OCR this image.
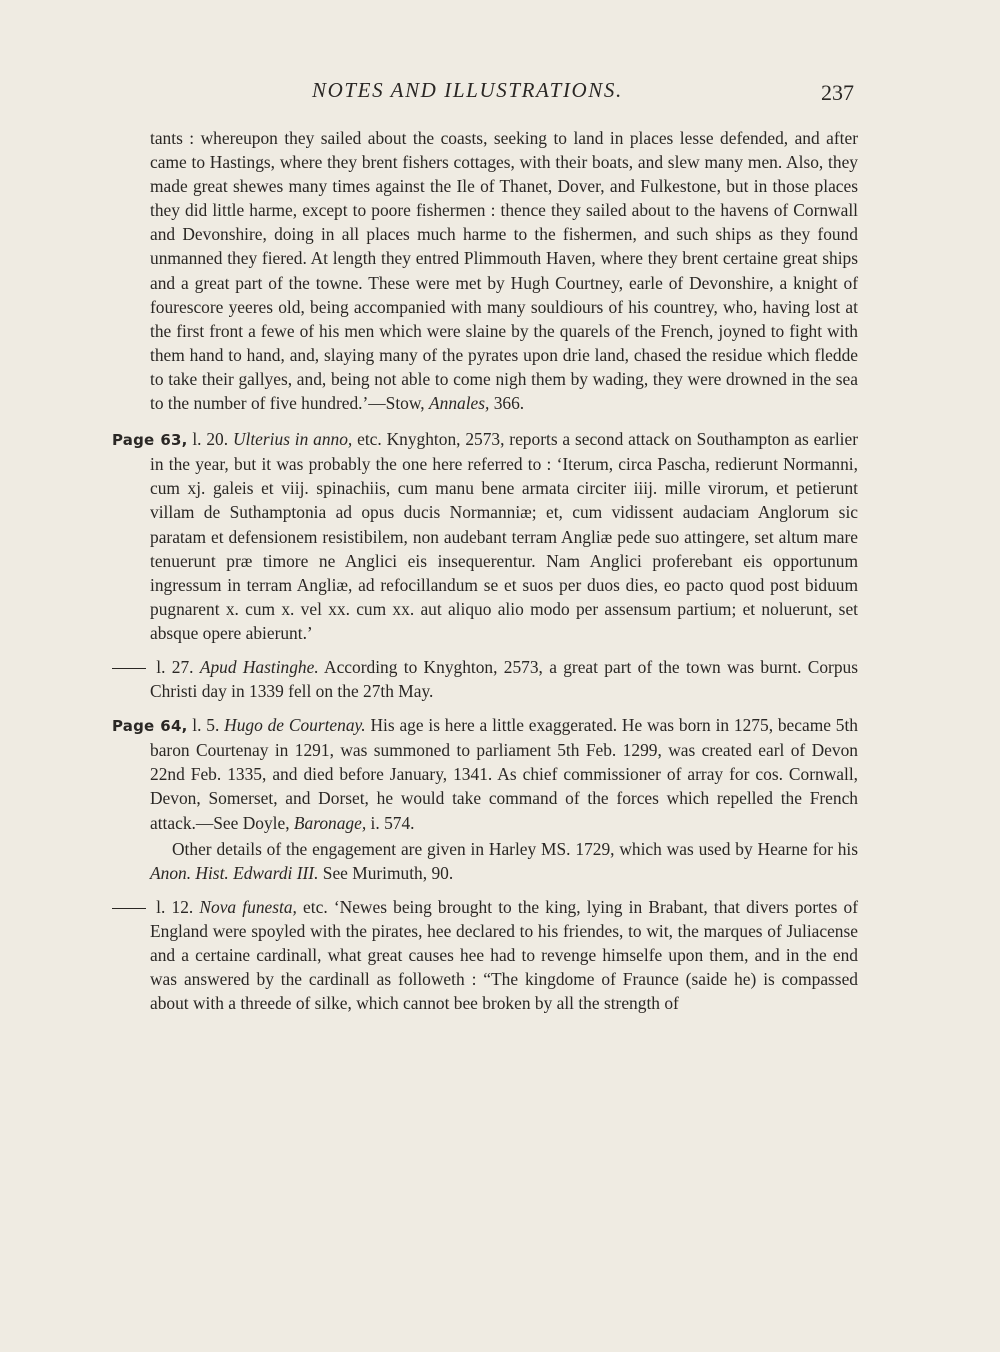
NOTES AND ILLUSTRATIONS.	237

tants : whereupon they sailed about the coasts, seeking to land in places lesse defended, and after came to Hastings, where they brent fishers cottages, with their boats, and slew many men. Also, they made great shewes many times against the Ile of Thanet, Dover, and Fulkestone, but in those places they did little harme, except to poore fishermen : thence they sailed about to the havens of Cornwall and Devonshire, doing in all places much harme to the fishermen, and such ships as they found unmanned they fiered. At length they entred Plimmouth Haven, where they brent certaine great ships and a great part of the towne. These were met by Hugh Courtney, earle of Devonshire, a knight of fourescore yeeres old, being accompanied with many souldiours of his countrey, who, having lost at the first front a fewe of his men which were slaine by the quarels of the French, joyned to fight with them hand to hand, and, slaying many of the pyrates upon drie land, chased the residue which fledde to take their gallyes, and, being not able to come nigh them by wading, they were drowned in the sea to the number of five hundred.’—Stow, Annales, 366.

Page 63, l. 20. Ulterius in anno, etc. Knyghton, 2573, reports a second attack on Southampton as earlier in the year, but it was probably the one here referred to : ‘Iterum, circa Pascha, redierunt Normanni, cum xj. galeis et viij. spinachiis, cum manu bene armata circiter iiij. mille virorum, et petierunt villam de Suthamptonia ad opus ducis Normanniæ; et, cum vidissent audaciam Anglorum sic paratam et defensionem resistibilem, non audebant terram Angliæ pede suo attingere, set altum mare tenuerunt præ timore ne Anglici eis insequerentur. Nam Anglici proferebant eis opportunum ingressum in terram Angliæ, ad refocillandum se et suos per duos dies, eo pacto quod post biduum pugnarent x. cum x. vel xx. cum xx. aut aliquo alio modo per assensum partium; et noluerunt, set absque opere abierunt.’

l. 27. Apud Hastinghe. According to Knyghton, 2573, a great part of the town was burnt. Corpus Christi day in 1339 fell on the 27th May.

Page 64, l. 5. Hugo de Courtenay. His age is here a little exaggerated. He was born in 1275, became 5th baron Courtenay in 1291, was summoned to parliament 5th Feb. 1299, was created earl of Devon 22nd Feb. 1335, and died before January, 1341. As chief commissioner of array for cos. Cornwall, Devon, Somerset, and Dorset, he would take command of the forces which repelled the French attack.—See Doyle, Baronage, i. 574.

Other details of the engagement are given in Harley MS. 1729, which was used by Hearne for his Anon. Hist. Edwardi III. See Murimuth, 90.

l. 12. Nova funesta, etc. ‘Newes being brought to the king, lying in Brabant, that divers portes of England were spoyled with the pirates, hee declared to his friendes, to wit, the marques of Juliacense and a certaine cardinall, what great causes hee had to revenge himselfe upon them, and in the end was answered by the cardinall as followeth : “The kingdome of Fraunce (saide he) is compassed about with a threede of silke, which cannot bee broken by all the strength of
